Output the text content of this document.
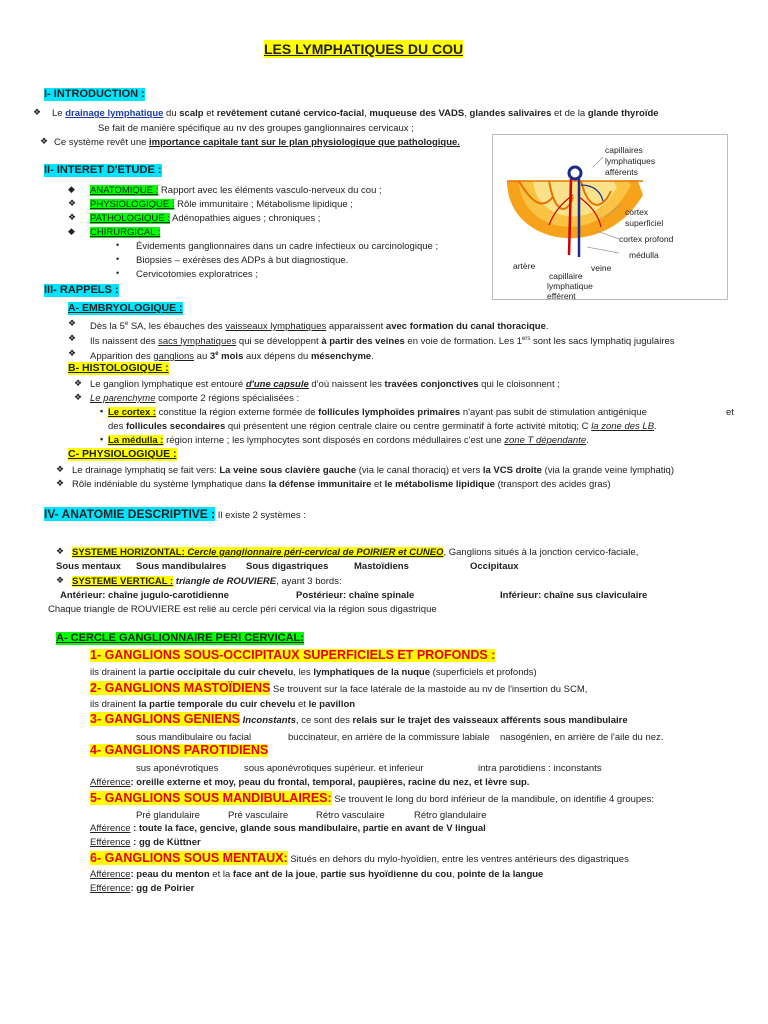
LES LYMPHATIQUES DU COU
I- INTRODUCTION :
❖ Le drainage lymphatique du scalp et revêtement cutané cervico-facial, muqueuse des VADS, glandes salivaires et de la glande thyroïde
Se fait de manière spécifique au nv des groupes ganglionnaires cervicaux ;
❖ Ce système revêt une importance capitale tant sur le plan physiologique que pathologique.
II- INTERET D'ETUDE :
◆ ANATOMIQUE : Rapport avec les éléments vasculo-nerveux du cou ;
❖ PHYSIOLOGIQUE : Rôle immunitaire ; Métabolisme lipidique ;
❖ PATHOLOGIQUE : Adénopathies aigues ; chroniques ;
◆ CHIRURGICAL :
• Évidements ganglionnaires dans un cadre infectieux ou carcinologique ;
• Biopsies – exérèses des ADPs à but diagnostique.
• Cervicotomies exploratrices ;
capillaires
lymphatiques
afférents
cortex
superficiel
cortex profond
médulla
artère	veine
capillaire
lymphatique
efférent
III- RAPPELS :
A- EMBRYOLOGIQUE :
❖ Dès la 5e SA, les ébauches des vaisseaux lymphatiques apparaissent avec formation du canal thoracique.
❖ Ils naissent des sacs lymphatiques qui se développent à partir des veines en voie de formation. Les 1ers sont les sacs lymphatiq jugulaires
❖ Apparition des ganglions au 3e mois aux dépens du mésenchyme.
B- HISTOLOGIQUE :
❖ Le ganglion lymphatique est entouré d'une capsule d'où naissent les travées conjonctives qui le cloisonnent ;
❖ Le parenchyme comporte 2 régions spécialisées :
• Le cortex : constitue la région externe formée de follicules lymphoïdes primaires n'ayant pas subit de stimulation antigénique	et
des follicules secondaires qui présentent une région centrale claire ou centre germinatif à forte activité mitotiq; C la zone des LB.
• La médulla : région interne ; les lymphocytes sont disposés en cordons médullaires c'est une zone T dépendante.
C- PHYSIOLOGIQUE :
❖ Le drainage lymphatiq se fait vers: La veine sous clavière gauche (via le canal thoraciq) et vers la VCS droite (via la grande veine lymphatiq)
❖ Rôle indéniable du système lymphatique dans la défense immunitaire et le métabolisme lipidique (transport des acides gras)
IV- ANATOMIE DESCRIPTIVE : Il existe 2 systèmes :
❖ SYSTEME HORIZONTAL: Cercle ganglionnaire péri-cervical de POIRIER et CUNEO, Ganglions situés à la jonction cervico-faciale,
Sous mentaux Sous mandibulaires Sous digastriques	Mastoïdiens	Occipitaux
❖ SYSTEME VERTICAL : triangle de ROUVIERE, ayant 3 bords:
Antérieur: chaîne jugulo-carotidienne	Postérieur: chaîne spinale	Inférieur: chaîne sus claviculaire
Chaque triangle de ROUVIERE est relié au cercle péri cervical via la région sous digastrique
A- CERCLE GANGLIONNAIRE PERI CERVICAL:
1- GANGLIONS SOUS-OCCIPITAUX SUPERFICIELS ET PROFONDS :
ils drainent la partie occipitale du cuir chevelu, les lymphatiques de la nuque (superficiels et profonds)
2- GANGLIONS MASTOÏDIENS Se trouvent sur la face latérale de la mastoide au nv de l'insertion du SCM,
ils drainent la partie temporale du cuir chevelu et le pavillon
3- GANGLIONS GENIENS Inconstants, ce sont des relais sur le trajet des vaisseaux afférents sous mandibulaire
sous mandibulaire ou facial	buccinateur, en arrière de la commissure labiale nasogénien, en arrière de l'aile du nez.
4- GANGLIONS PAROTIDIENS
sus aponévrotiques	sous aponévrotiques supérieur. et inferieur	intra parotidiens : inconstants
Afférence: oreille externe et moy, peau du frontal, temporal, paupières, racine du nez, et lèvre sup.
5- GANGLIONS SOUS MANDIBULAIRES: Se trouvent le long du bord inférieur de la mandibule, on identifie 4 groupes:
Pré glandulaire	Pré vasculaire	Rétro vasculaire	Rétro glandulaire
Afférence : toute la face, gencive, glande sous mandibulaire, partie en avant de V lingual
Efférence : gg de Küttner
6- GANGLIONS SOUS MENTAUX: Situés en dehors du mylo-hyoïdien, entre les ventres antérieurs des digastriques
Afférence: peau du menton et la face ant de la joue, partie sus hyoïdienne du cou, pointe de la langue
Efférence: gg de Poirier
